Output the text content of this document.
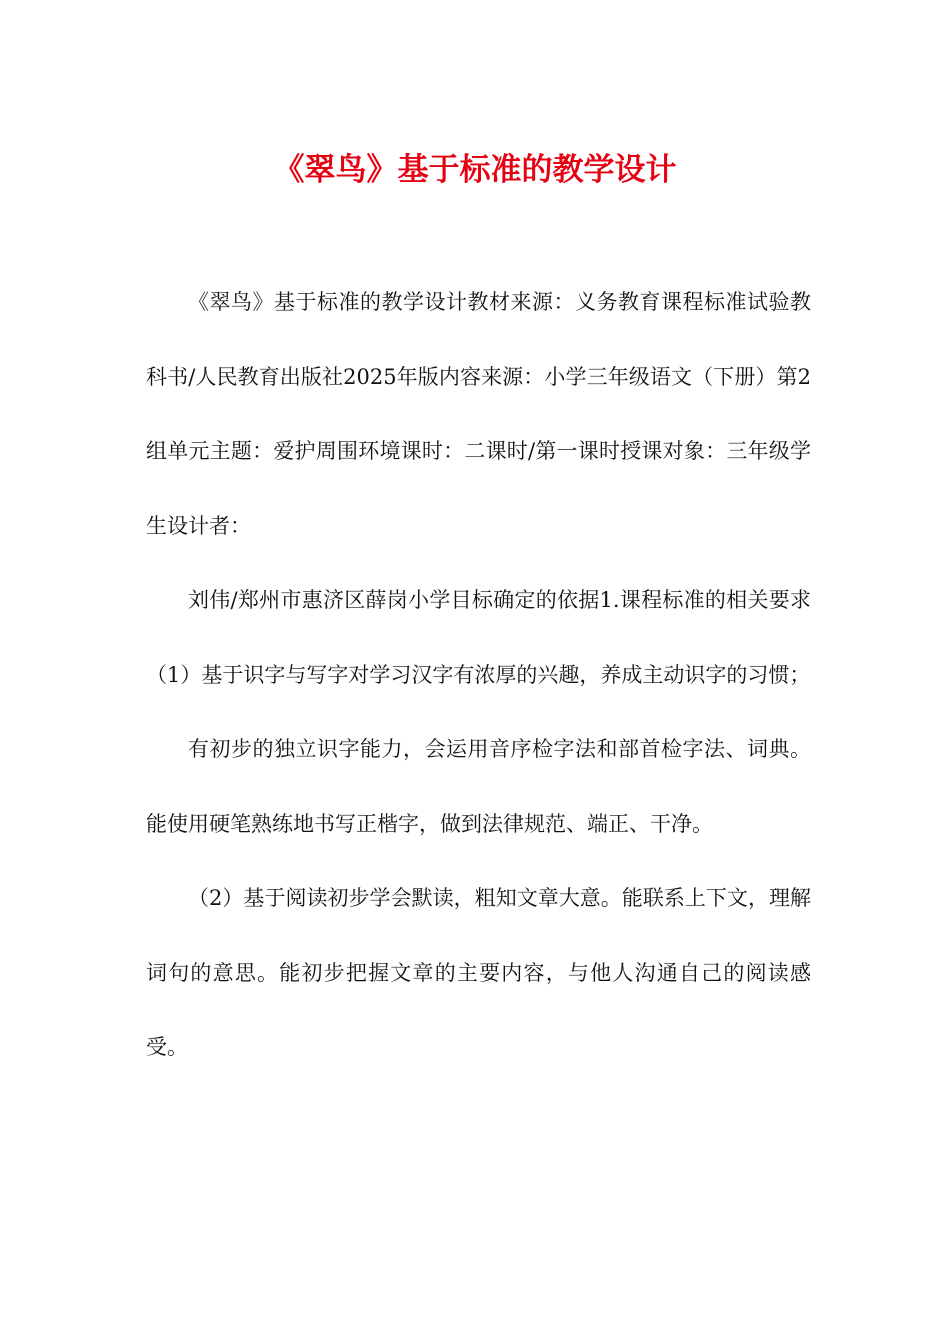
《翠鸟》基于标准的教学设计

《翠鸟》基于标准的教学设计教材来源：义务教育课程标准试验教科书/人民教育出版社2025年版内容来源：小学三年级语文（下册）第2组单元主题：爱护周围环境课时：二课时/第一课时授课对象：三年级学生设计者：

刘伟/郑州市惠济区薛岗小学目标确定的依据1.课程标准的相关要求（1）基于识字与写字对学习汉字有浓厚的兴趣，养成主动识字的习惯；

有初步的独立识字能力，会运用音序检字法和部首检字法、词典。能使用硬笔熟练地书写正楷字，做到法律规范、端正、干净。

（2）基于阅读初步学会默读，粗知文章大意。能联系上下文，理解词句的意思。能初步把握文章的主要内容，与他人沟通自己的阅读感受。
